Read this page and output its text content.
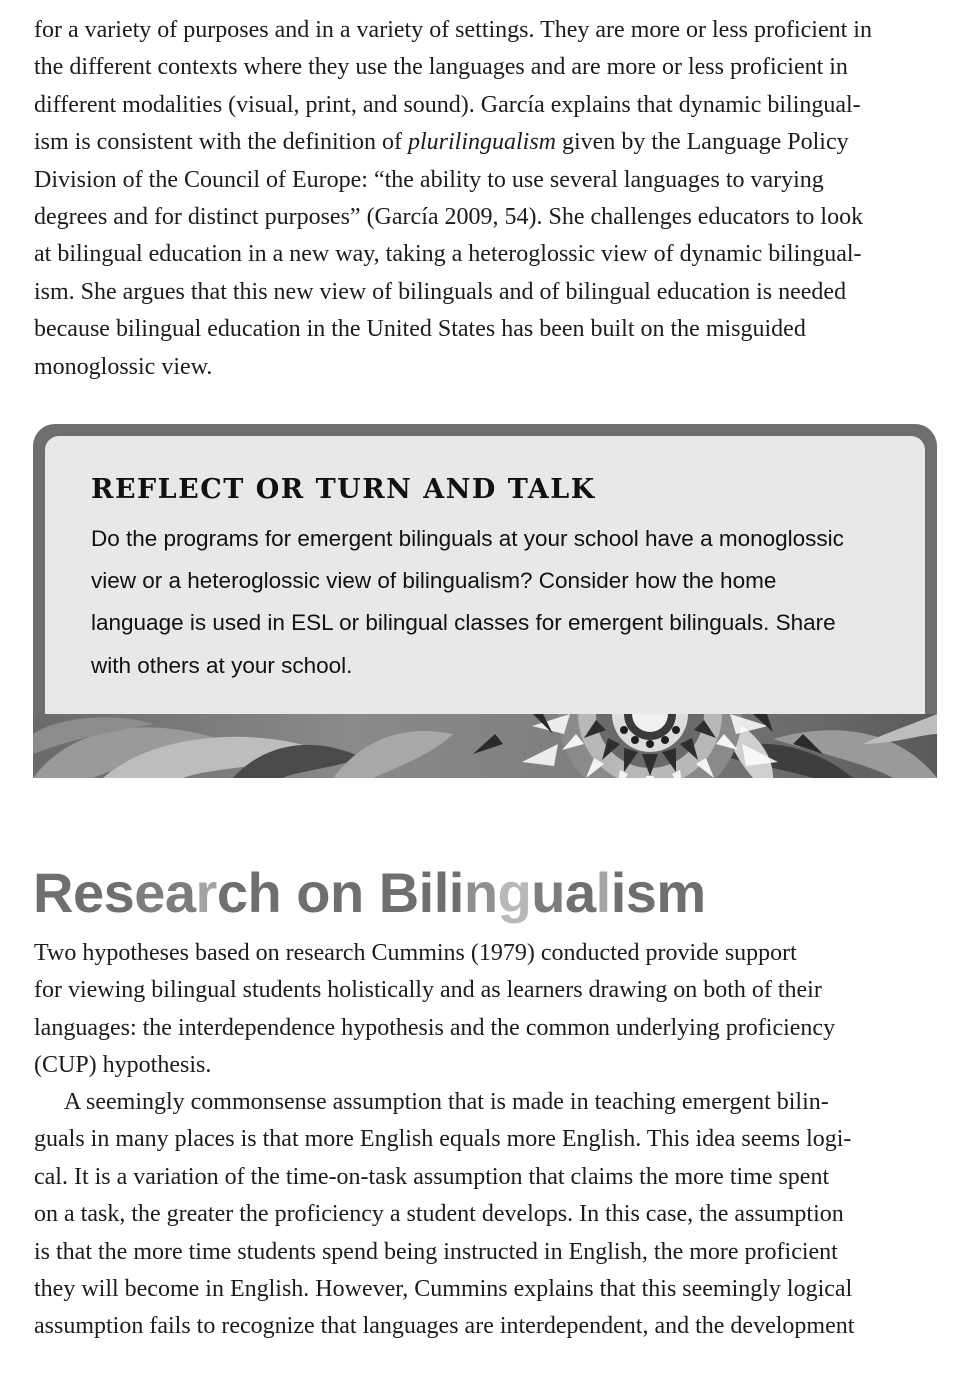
for a variety of purposes and in a variety of settings. They are more or less proficient in
the different contexts where they use the languages and are more or less proficient in
different modalities (visual, print, and sound). García explains that dynamic bilingual-
ism is consistent with the definition of plurilingualism given by the Language Policy
Division of the Council of Europe: “the ability to use several languages to varying
degrees and for distinct purposes” (García 2009, 54). She challenges educators to look
at bilingual education in a new way, taking a heteroglossic view of dynamic bilingual-
ism. She argues that this new view of bilinguals and of bilingual education is needed
because bilingual education in the United States has been built on the misguided
monoglossic view.

REFLECT OR TURN AND TALK

Do the programs for emergent bilinguals at your school have a monoglossic
view or a heteroglossic view of bilingualism? Consider how the home
language is used in ESL or bilingual classes for emergent bilinguals. Share
with others at your school.

Research on Bilingualism

Two hypotheses based on research Cummins (1979) conducted provide support
for viewing bilingual students holistically and as learners drawing on both of their
languages: the interdependence hypothesis and the common underlying proficiency
(CUP) hypothesis.

A seemingly commonsense assumption that is made in teaching emergent bilin-
guals in many places is that more English equals more English. This idea seems logi-
cal. It is a variation of the time-on-task assumption that claims the more time spent
on a task, the greater the proficiency a student develops. In this case, the assumption
is that the more time students spend being instructed in English, the more proficient
they will become in English. However, Cummins explains that this seemingly logical
assumption fails to recognize that languages are interdependent, and the development
